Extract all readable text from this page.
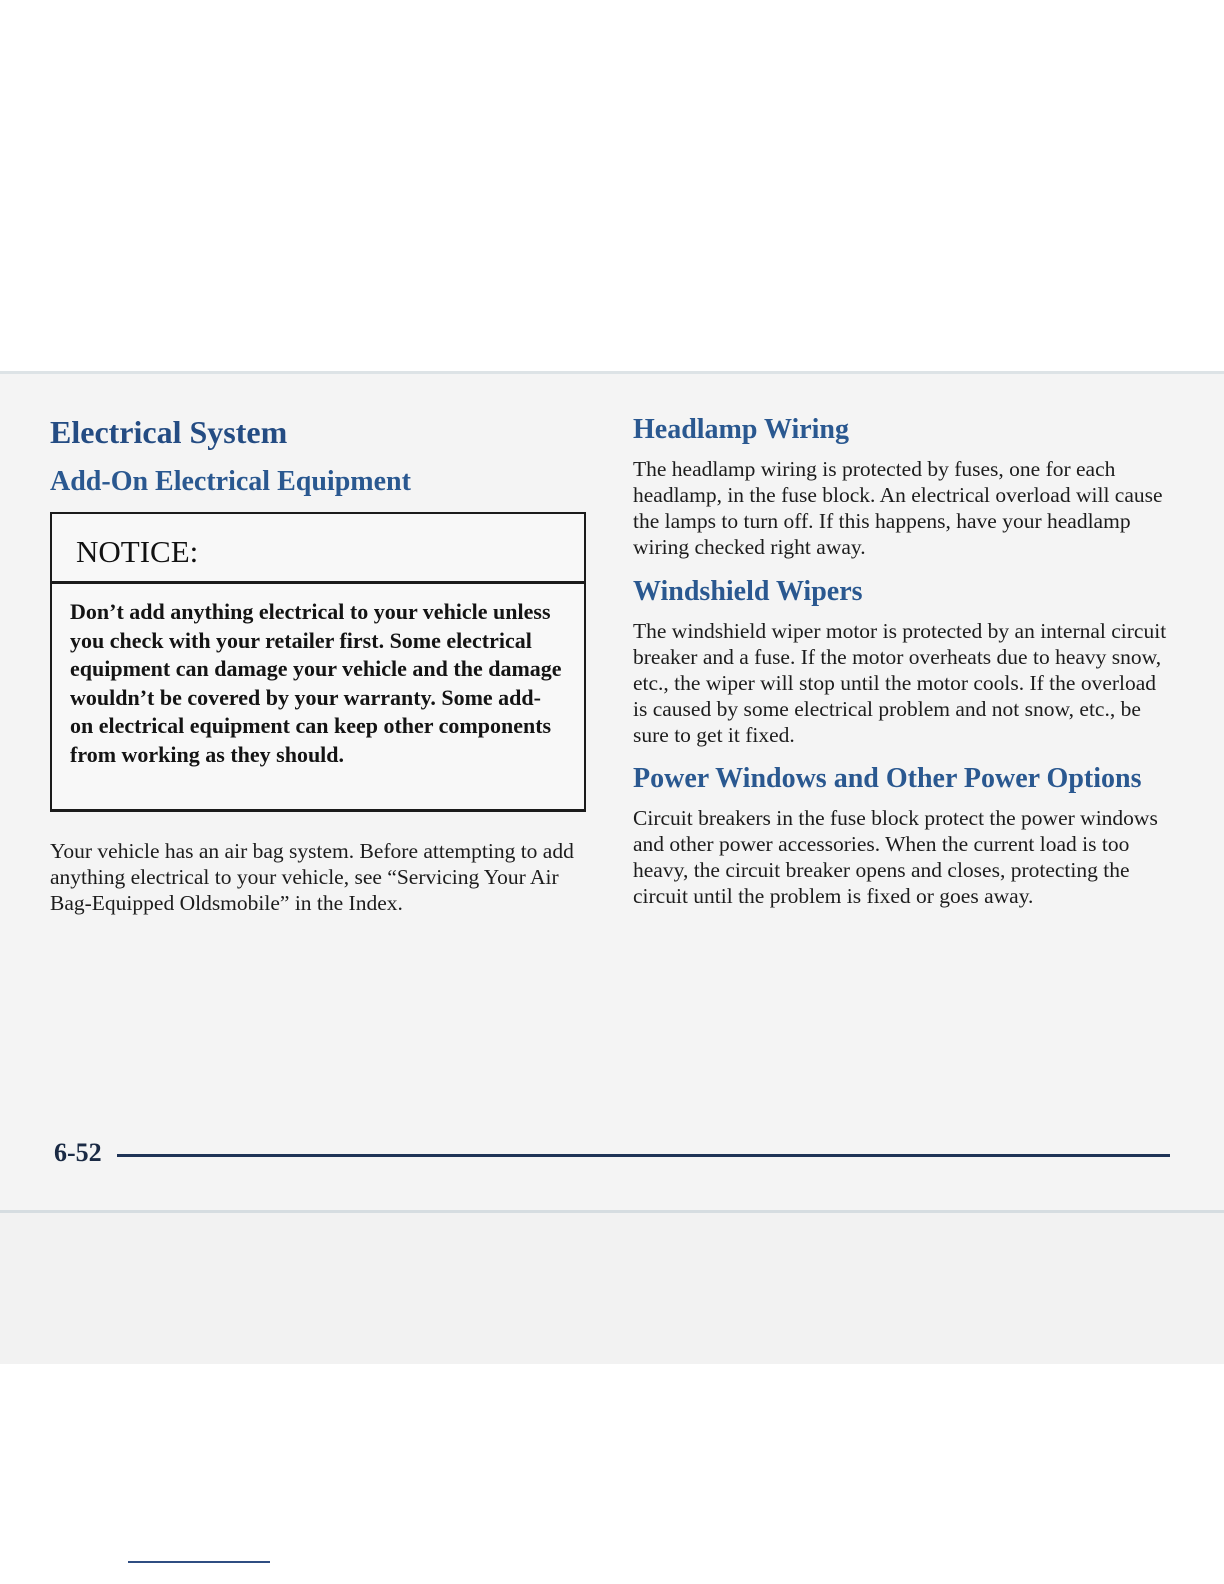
Electrical System
Add-On Electrical Equipment
NOTICE:
Don’t add anything electrical to your vehicle unless you check with your retailer first. Some electrical equipment can damage your vehicle and the damage wouldn’t be covered by your warranty. Some add-on electrical equipment can keep other components from working as they should.

Your vehicle has an air bag system. Before attempting to add anything electrical to your vehicle, see “Servicing Your Air Bag-Equipped Oldsmobile” in the Index.

Headlamp Wiring

The headlamp wiring is protected by fuses, one for each headlamp, in the fuse block. An electrical overload will cause the lamps to turn off. If this happens, have your headlamp wiring checked right away.

Windshield Wipers

The windshield wiper motor is protected by an internal circuit breaker and a fuse. If the motor overheats due to heavy snow, etc., the wiper will stop until the motor cools. If the overload is caused by some electrical problem and not snow, etc., be sure to get it fixed.

Power Windows and Other Power Options

Circuit breakers in the fuse block protect the power windows and other power accessories. When the current load is too heavy, the circuit breaker opens and closes, protecting the circuit until the problem is fixed or goes away.

6-52
